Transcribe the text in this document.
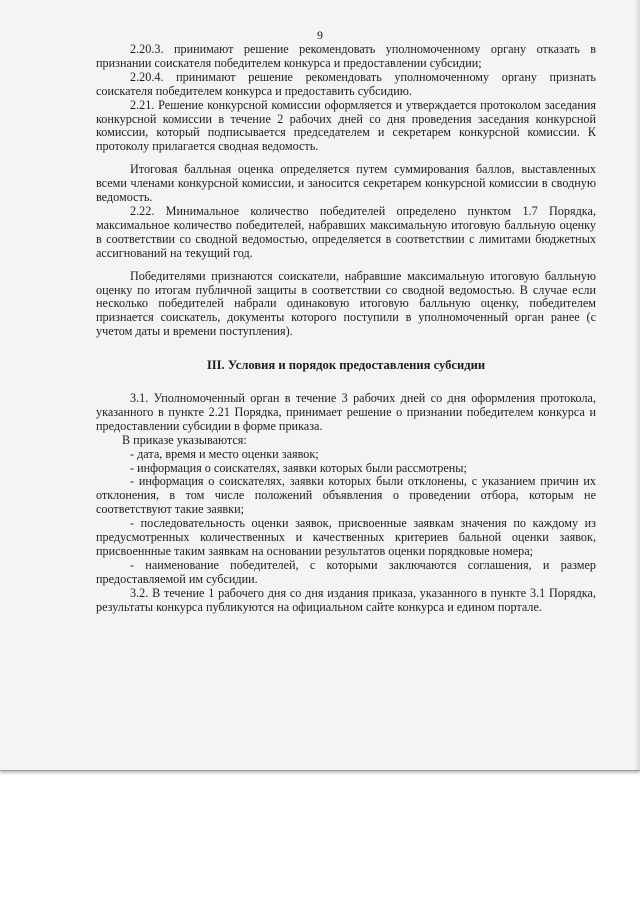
9

2.20.3. принимают решение рекомендовать уполномоченному органу отказать в признании соискателя победителем конкурса и предоставлении субсидии;

2.20.4. принимают решение рекомендовать уполномоченному органу признать соискателя победителем конкурса и предоставить субсидию.

2.21. Решение конкурсной комиссии оформляется и утверждается протоколом заседания конкурсной комиссии в течение 2 рабочих дней со дня проведения заседания конкурсной комиссии, который подписывается председателем и секретарем конкурсной комиссии. К протоколу прилагается сводная ведомость.

Итоговая балльная оценка определяется путем суммирования баллов, выставленных всеми членами конкурсной комиссии, и заносится секретарем конкурсной комиссии в сводную ведомость.

2.22. Минимальное количество победителей определено пунктом 1.7 Порядка, максимальное количество победителей, набравших максимальную итоговую балльную оценку в соответствии со сводной ведомостью, определяется в соответствии с лимитами бюджетных ассигнований на текущий год.

Победителями признаются соискатели, набравшие максимальную итоговую балльную оценку по итогам публичной защиты в соответствии со сводной ведомостью. В случае если несколько победителей набрали одинаковую итоговую балльную оценку, победителем признается соискатель, документы которого поступили в уполномоченный орган ранее (с учетом даты и времени поступления).

III. Условия и порядок предоставления субсидии

3.1. Уполномоченный орган в течение 3 рабочих дней со дня оформления протокола, указанного в пункте 2.21 Порядка, принимает решение о признании победителем конкурса и предоставлении субсидии в форме приказа.

В приказе указываются:

- дата, время и место оценки заявок;

- информация о соискателях, заявки которых были рассмотрены;

- информация о соискателях, заявки которых были отклонены, с указанием причин их отклонения, в том числе положений объявления о проведении отбора, которым не соответствуют такие заявки;

- последовательность оценки заявок, присвоенные заявкам значения по каждому из предусмотренных количественных и качественных критериев бальной оценки заявок, присвоеннные таким заявкам на основании результатов оценки порядковые номера;

- наименование победителей, с которыми заключаются соглашения, и размер предоставляемой им субсидии.

3.2. В течение 1 рабочего дня со дня издания приказа, указанного в пункте 3.1 Порядка, результаты конкурса публикуются на официальном сайте конкурса и едином портале.
